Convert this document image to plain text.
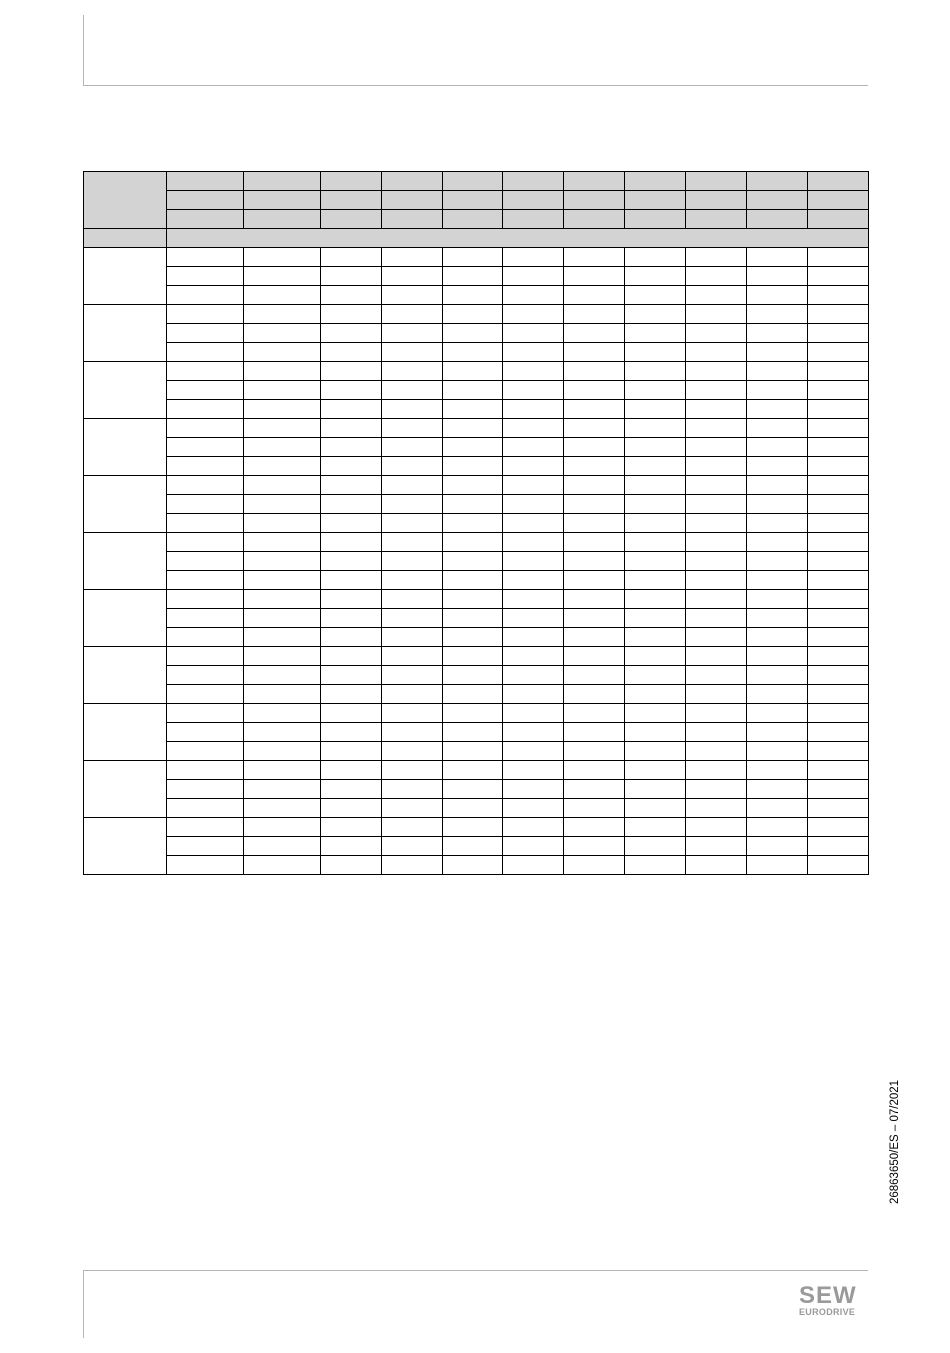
26863650/ES – 07/2021
SEW
EURODRIVE
